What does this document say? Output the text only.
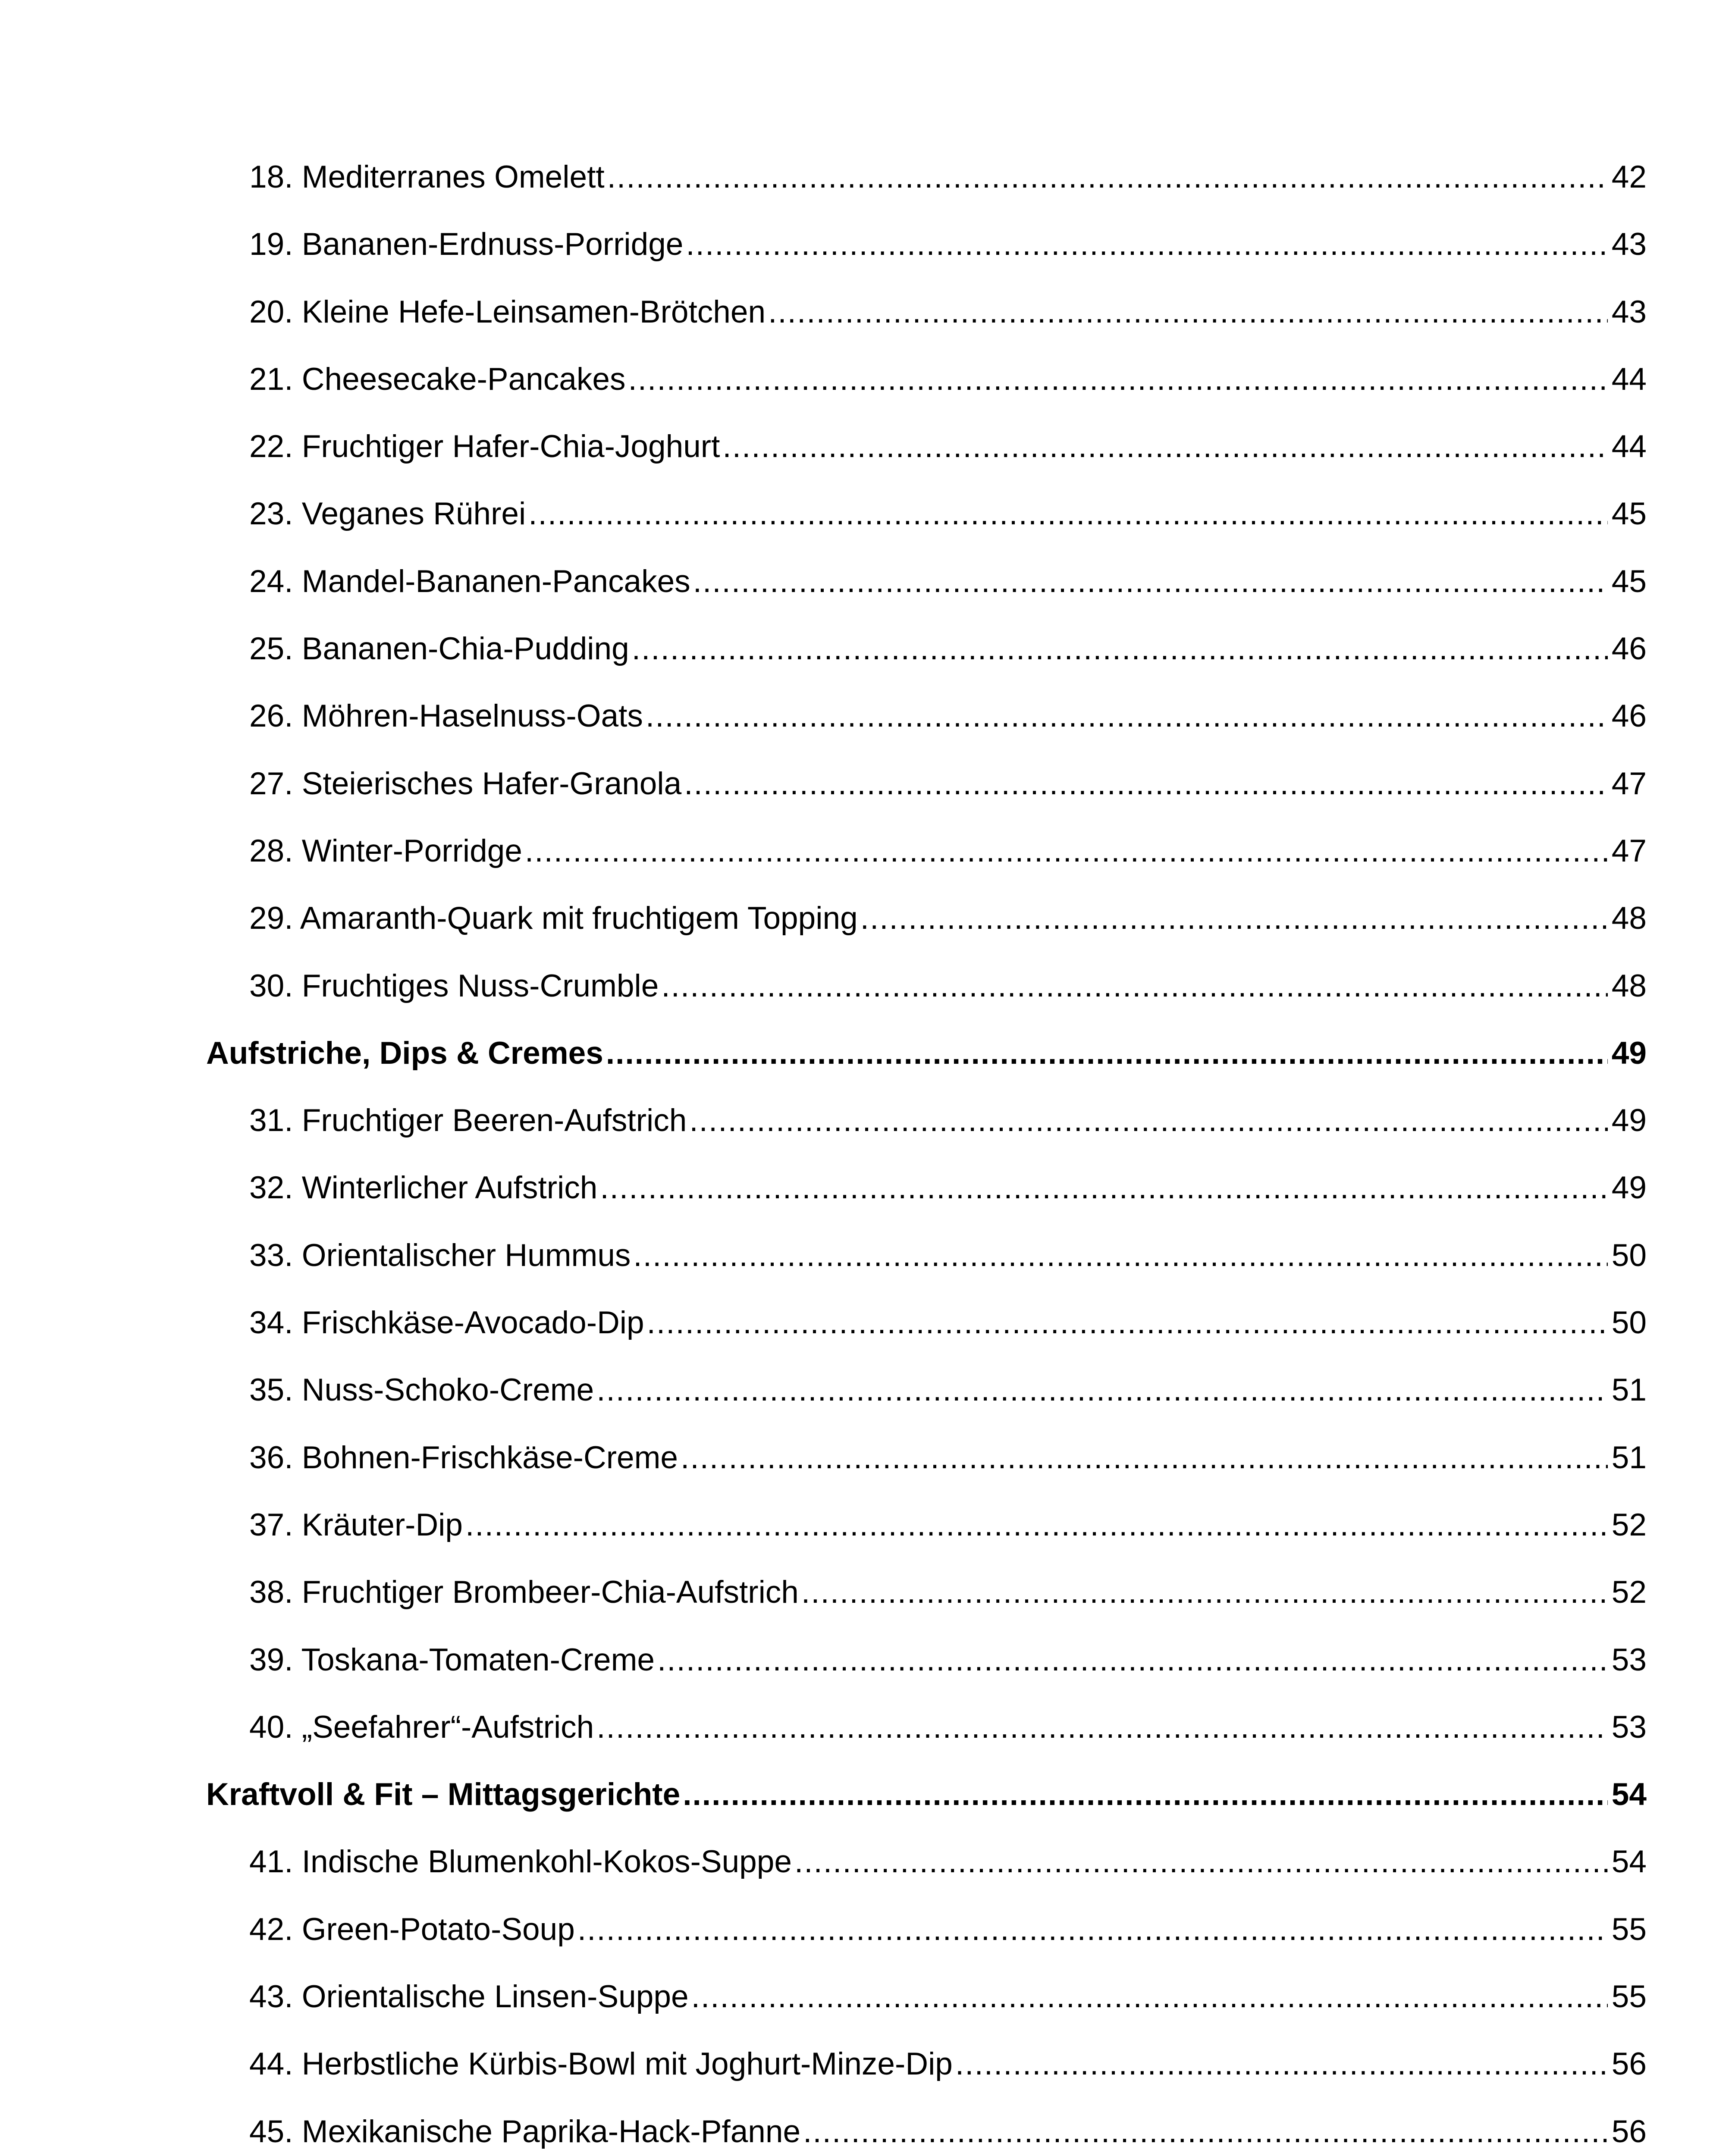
18. Mediterranes Omelett .....	42
19. Bananen-Erdnuss-Porridge .....	43
20. Kleine Hefe-Leinsamen-Brötchen .....	43
21. Cheesecake-Pancakes .....	44
22. Fruchtiger Hafer-Chia-Joghurt .....	44
23. Veganes Rührei .....	45
24. Mandel-Bananen-Pancakes .....	45
25. Bananen-Chia-Pudding .....	46
26. Möhren-Haselnuss-Oats .....	46
27. Steierisches Hafer-Granola .....	47
28. Winter-Porridge .....	47
29. Amaranth-Quark mit fruchtigem Topping .....	48
30. Fruchtiges Nuss-Crumble .....	48
Aufstriche, Dips & Cremes .....	49
31. Fruchtiger Beeren-Aufstrich .....	49
32. Winterlicher Aufstrich .....	49
33. Orientalischer Hummus .....	50
34. Frischkäse-Avocado-Dip .....	50
35. Nuss-Schoko-Creme .....	51
36. Bohnen-Frischkäse-Creme .....	51
37. Kräuter-Dip .....	52
38. Fruchtiger Brombeer-Chia-Aufstrich .....	52
39. Toskana-Tomaten-Creme .....	53
40. „Seefahrer“-Aufstrich .....	53
Kraftvoll & Fit – Mittagsgerichte .....	54
41. Indische Blumenkohl-Kokos-Suppe .....	54
42. Green-Potato-Soup .....	55
43. Orientalische Linsen-Suppe .....	55
44. Herbstliche Kürbis-Bowl mit Joghurt-Minze-Dip .....	56
45. Mexikanische Paprika-Hack-Pfanne .....	56
